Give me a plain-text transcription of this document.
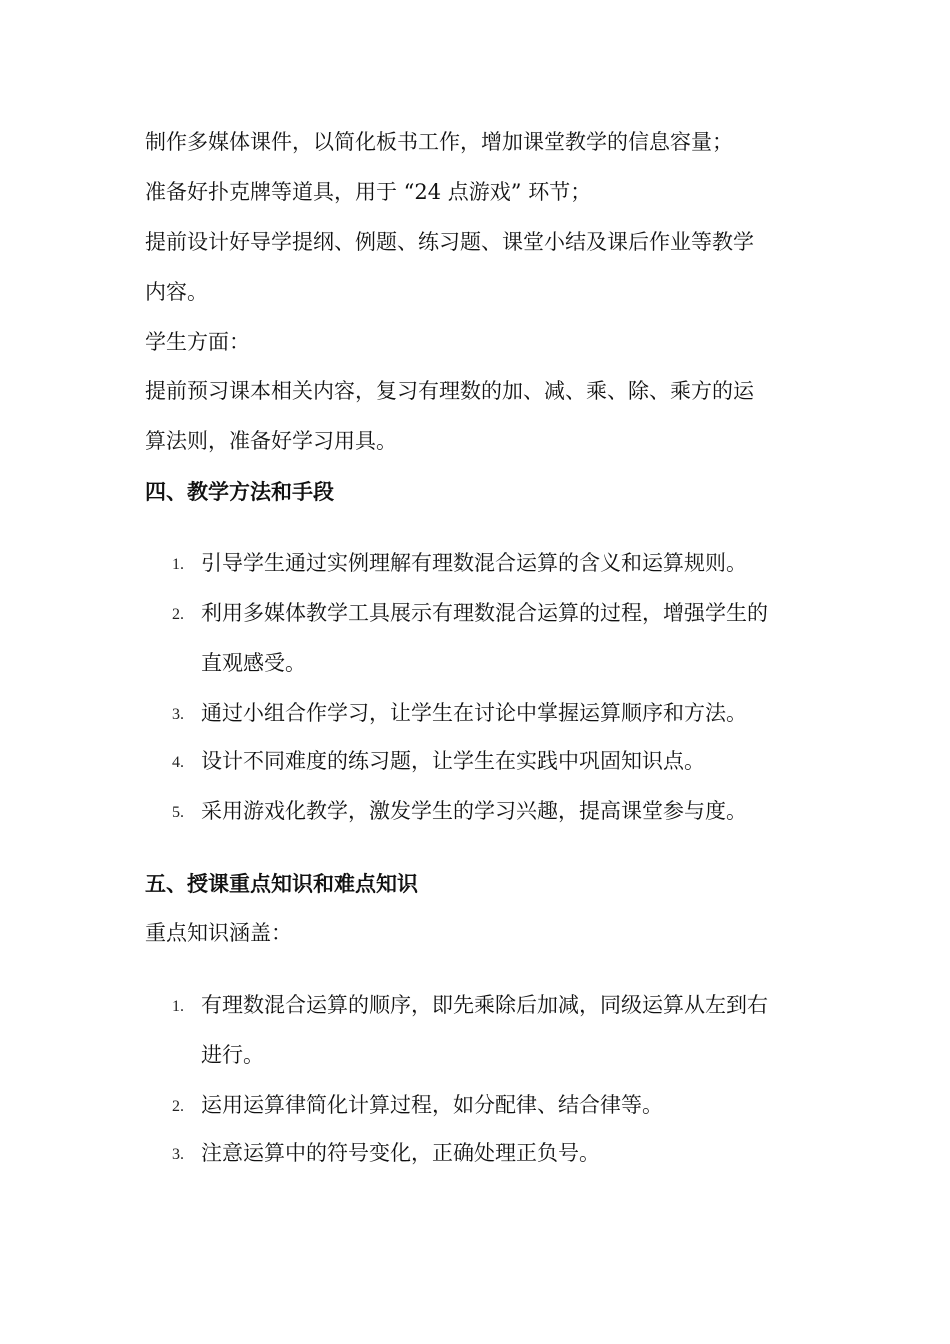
制作多媒体课件，以简化板书工作，增加课堂教学的信息容量；
准备好扑克牌等道具，用于 “24 点游戏” 环节；
提前设计好导学提纲、例题、练习题、课堂小结及课后作业等教学
内容。
学生方面：
提前预习课本相关内容，复习有理数的加、减、乘、除、乘方的运
算法则，准备好学习用具。
四、教学方法和手段
1. 引导学生通过实例理解有理数混合运算的含义和运算规则。
2. 利用多媒体教学工具展示有理数混合运算的过程，增强学生的
直观感受。
3. 通过小组合作学习，让学生在讨论中掌握运算顺序和方法。
4. 设计不同难度的练习题，让学生在实践中巩固知识点。
5. 采用游戏化教学，激发学生的学习兴趣，提高课堂参与度。
五、授课重点知识和难点知识
重点知识涵盖：
1. 有理数混合运算的顺序，即先乘除后加减，同级运算从左到右
进行。
2. 运用运算律简化计算过程，如分配律、结合律等。
3. 注意运算中的符号变化，正确处理正负号。
